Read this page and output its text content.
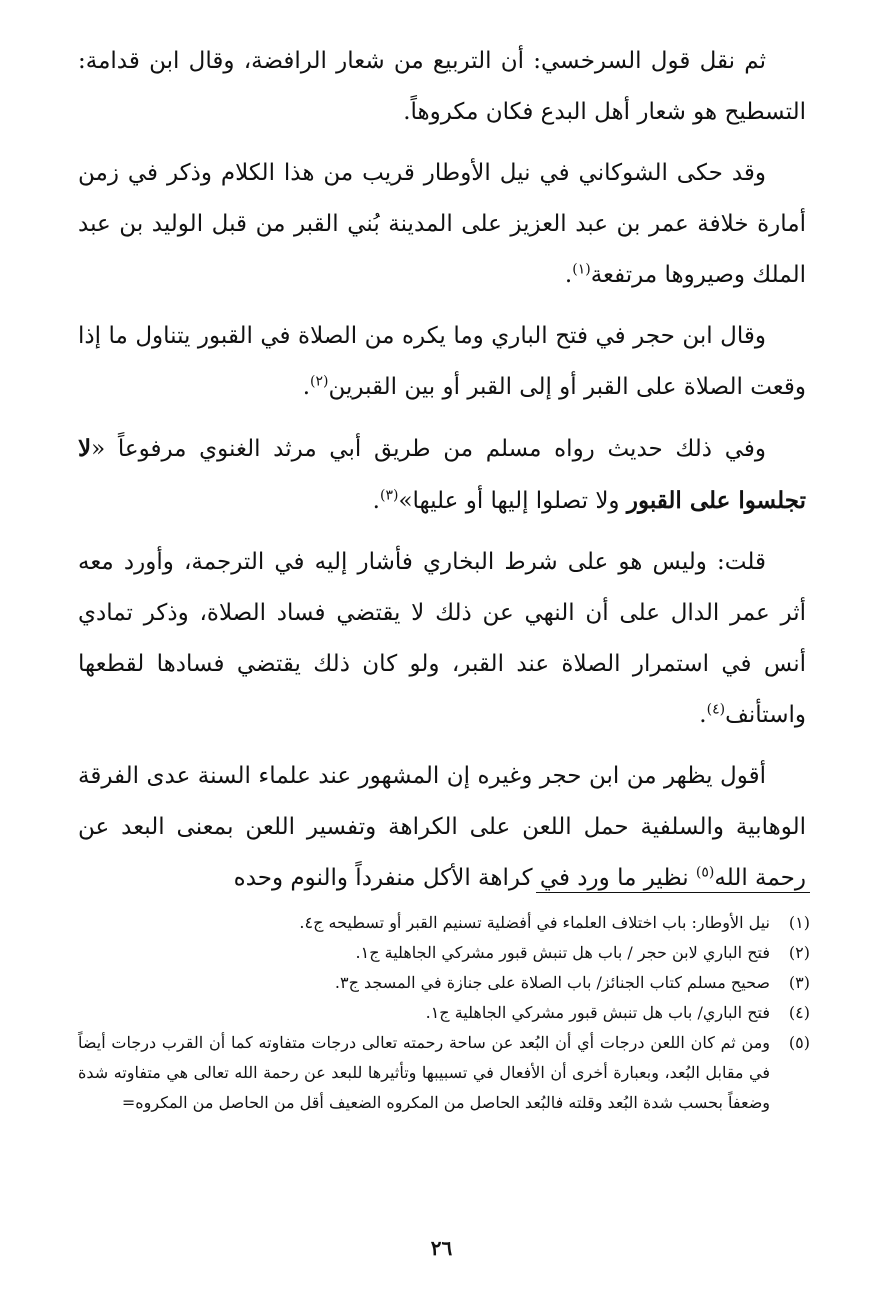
ثم نقل قول السرخسي: أن التربيع من شعار الرافضة، وقال ابن قدامة: التسطيح هو شعار أهل البدع فكان مكروهاً.

وقد حكى الشوكاني في نيل الأوطار قريب من هذا الكلام وذكر في زمن أمارة خلافة عمر بن عبد العزيز على المدينة بُني القبر من قبل الوليد بن عبد الملك وصيروها مرتفعة$^{(١)}$.

وقال ابن حجر في فتح الباري وما يكره من الصلاة في القبور يتناول ما إذا وقعت الصلاة على القبر أو إلى القبر أو بين القبرين$^{(٢)}$.

وفي ذلك حديث رواه مسلم من طريق أبي مرثد الغنوي مرفوعاً «لا تجلسوا على القبور ولا تصلوا إليها أو عليها»$^{(٣)}$.

قلت: وليس هو على شرط البخاري فأشار إليه في الترجمة، وأورد معه أثر عمر الدال على أن النهي عن ذلك لا يقتضي فساد الصلاة، وذكر تمادي أنس في استمرار الصلاة عند القبر، ولو كان ذلك يقتضي فسادها لقطعها واستأنف$^{(٤)}$.

أقول يظهر من ابن حجر وغيره إن المشهور عند علماء السنة عدى الفرقة الوهابية والسلفية حمل اللعن على الكراهة وتفسير اللعن بمعنى البعد عن رحمة الله$^{(٥)}$ نظير ما ورد في كراهة الأكل منفرداً والنوم وحده

(١)
نيل الأوطار: باب اختلاف العلماء في أفضلية تسنيم القبر أو تسطيحه ج٤.
(٢)
فتح الباري لابن حجر / باب هل تنبش قبور مشركي الجاهلية ج١.
(٣)
صحيح مسلم كتاب الجنائز/ باب الصلاة على جنازة في المسجد ج٣.
(٤)
فتح الباري/ باب هل تنبش قبور مشركي الجاهلية ج١.
(٥)
ومن ثم كان اللعن درجات أي أن البُعد عن ساحة رحمته تعالى درجات متفاوته كما أن القرب درجات أيضاً في مقابل البُعد، وبعبارة أخرى أن الأفعال في تسبيبها وتأثيرها للبعد عن رحمة الله تعالى هي متفاوته شدة وضعفاً بحسب شدة البُعد وقلته فالبُعد الحاصل من المكروه الضعيف أقل من الحاصل من المكروه=
٢٦
